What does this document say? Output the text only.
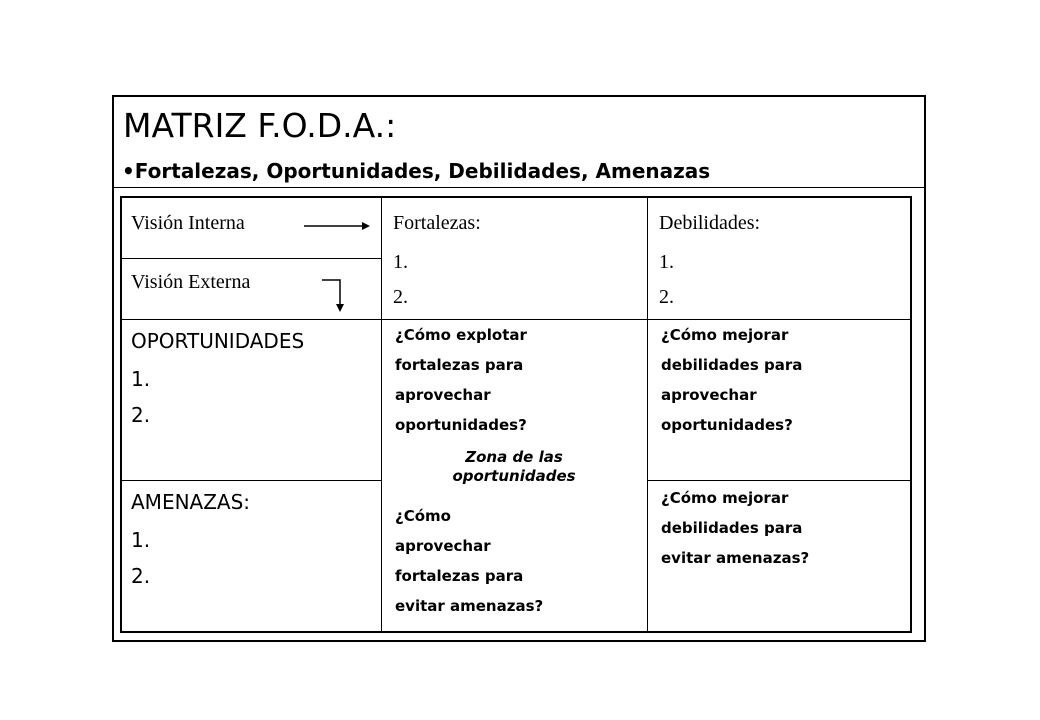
MATRIZ F.O.D.A.:
•Fortalezas, Oportunidades, Debilidades, Amenazas
Visión Interna
Visión Externa
Fortalezas:
1.
2.
Debilidades:
1.
2.
OPORTUNIDADES
1.
2.
AMENAZAS:
1.
2.
¿Cómo explotar
fortalezas para
aprovechar
oportunidades?
Zona de las
oportunidades
¿Cómo
aprovechar
fortalezas para
evitar amenazas?
¿Cómo mejorar
debilidades para
aprovechar
oportunidades?
¿Cómo mejorar
debilidades para
evitar amenazas?
